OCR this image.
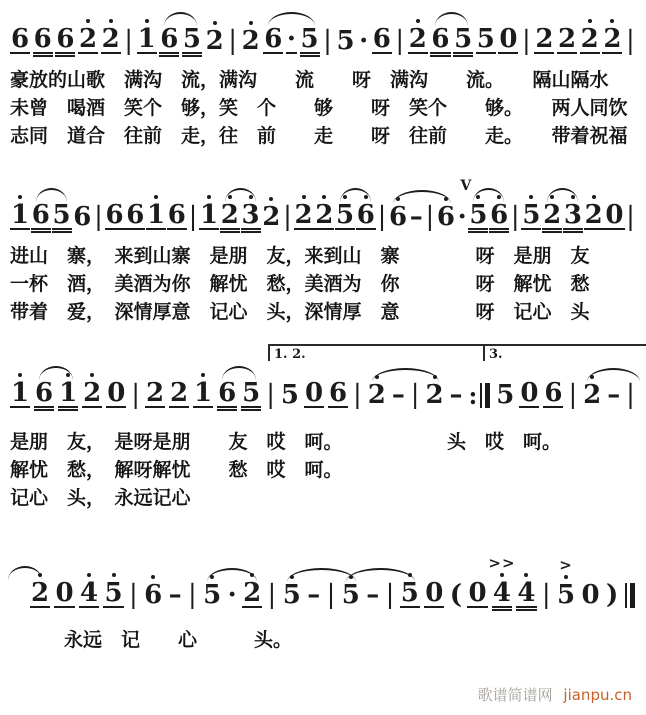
6 6 6 2 2 | 1 6 5 2 | 2 6 · 5 | 5 · 6 | 2 6 5 5 0 | 2 2 2 2 |
豪放的山歌　满沟　流，满沟　　流　　呀　满沟　　流。　　隔山隔水
未曾　喝酒　笑个　够，笑　个　　够　　呀　笑个　　够。　　两人同饮
志同　道合　往前　走，往　前　　走　　呀　往前　　走。　　带着祝福
1 6 5 6 | 6 6 1 6 | 1 2 3 2 | 2 2 5 6 | 6 – | 6 · 5
V
6 | 5 2 3 2 0 |
进山　寨，　来到山寨　是朋　友，来到山　寨　　　　呀　是朋　友
一杯　酒，　美酒为你　解忧　愁，美酒为　你　　　　呀　解忧　愁
带着　爱，　深情厚意　记心　头，深情厚　意　　　　呀　记心　头
1 6 1 2 0 | 2 2 1 6 5 | 5 0 6 | 2 – | 2 – : 5 0 6 | 2 – |
1. 2.	3.
是朋　友，　是呀是朋　　友　哎　呵。　　　　　　头　哎　呵。
解忧　愁，　解呀解忧　　愁　哎　呵。
记心　头，　永远记心
2 0 4 5 | 6 – | 5 · 2 | 5 – | 5 – | 5 0 ( 0 4
>>
4 | 5
>
0 )
永远　记　　心　　　头。
歌谱简谱网 jianpu.cn
